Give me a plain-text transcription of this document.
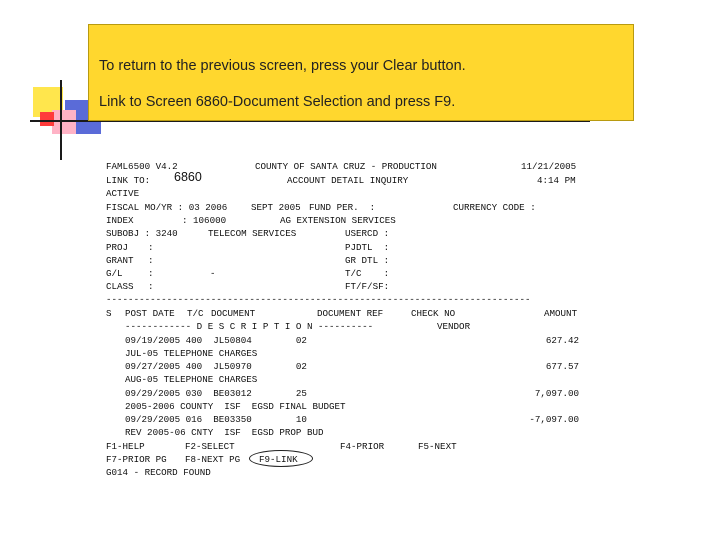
To return to the previous screen, press your Clear button.
Link to Screen 6860-Document Selection and press F9.
FAML6500 V4.2	COUNTY OF SANTA CRUZ - PRODUCTION	11/21/2005
LINK TO: 6860	ACCOUNT DETAIL INQUIRY	4:14 PM
ACTIVE
FISCAL MO/YR : 03 2006	SEPT 2005 FUND PER.  :	CURRENCY CODE :
INDEX	: 106000	AG EXTENSION SERVICES
SUBOBJ : 3240	TELECOM SERVICES	USERCD :
PROJ :	PJDTL  :
GRANT :	GR DTL :
G/L	:	-	T/C    :
CLASS :	FT/F/SF:
-----------------------------------------------------------------------------
S POST DATE T/C DOCUMENT	DOCUMENT REF	CHECK NO	AMOUNT
------------ D E S C R I P T I O N ----------	VENDOR
09/19/2005 400  JL50804        02	627.42
JUL-05 TELEPHONE CHARGES
09/27/2005 400  JL50970        02	677.57
AUG-05 TELEPHONE CHARGES
09/29/2005 030  BE03012        25	7,097.00
2005-2006 COUNTY  ISF  EGSD FINAL BUDGET
09/29/2005 016  BE03350        10	-7,097.00
REV 2005-06 CNTY  ISF  EGSD PROP BUD
F1-HELP	F2-SELECT	F4-PRIOR	F5-NEXT
F7-PRIOR PG F8-NEXT PG F9-LINK
G014 - RECORD FOUND
